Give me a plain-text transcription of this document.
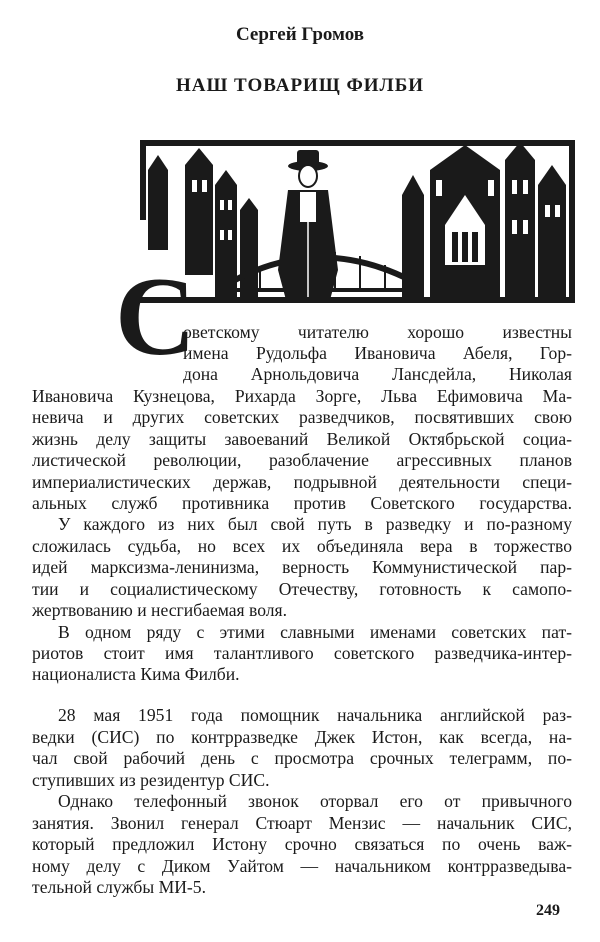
Сергей Громов
НАШ ТОВАРИЩ ФИЛБИ
С
оветскому читателю хорошо известны
имена Рудольфа Ивановича Абеля, Гор-
дона Арнольдовича Лансдейла, Николая
Ивановича Кузнецова, Рихарда Зорге, Льва Ефимовича Ма-
невича и других советских разведчиков, посвятивших свою
жизнь делу защиты завоеваний Великой Октябрьской социа-
листической революции, разоблачение агрессивных планов
империалистических держав, подрывной деятельности специ-
альных служб противника против Советского государства.
У каждого из них был свой путь в разведку и по-разному
сложилась судьба, но всех их объединяла вера в торжество
идей марксизма-ленинизма, верность Коммунистической пар-
тии и социалистическому Отечеству, готовность к самопо-
жертвованию и несгибаемая воля.
В одном ряду с этими славными именами советских пат-
риотов стоит имя талантливого советского разведчика-интер-
националиста Кима Филби.
28 мая 1951 года помощник начальника английской раз-
ведки (СИС) по контрразведке Джек Истон, как всегда, на-
чал свой рабочий день с просмотра срочных телеграмм, по-
ступивших из резидентур СИС.
Однако телефонный звонок оторвал его от привычного
занятия. Звонил генерал Стюарт Мензис — начальник СИС,
который предложил Истону срочно связаться по очень важ-
ному делу с Диком Уайтом — начальником контрразведыва-
тельной службы МИ-5.
249
